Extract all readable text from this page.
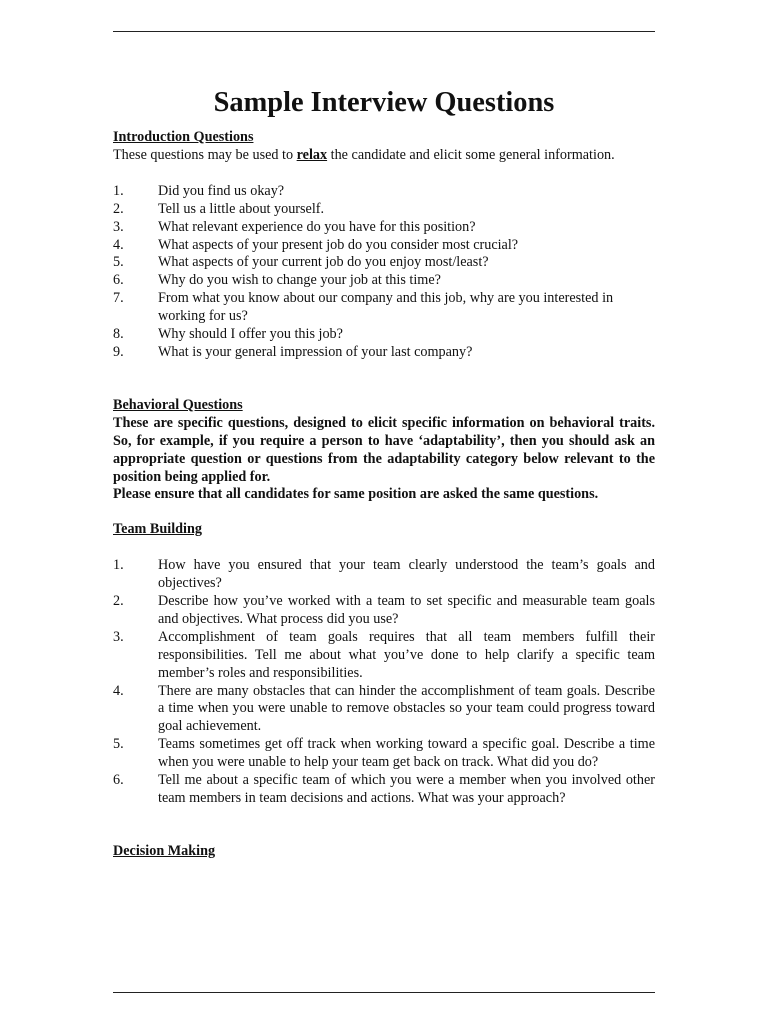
Sample Interview Questions

Introduction Questions

These questions may be used to relax the candidate and elicit some general information.

1. Did you find us okay?
2. Tell us a little about yourself.
3. What relevant experience do you have for this position?
4. What aspects of your present job do you consider most crucial?
5. What aspects of your current job do you enjoy most/least?
6. Why do you wish to change your job at this time?
7. From what you know about our company and this job, why are you interested in working for us?
8. Why should I offer you this job?
9. What is your general impression of your last company?

Behavioral Questions

These are specific questions, designed to elicit specific information on behavioral traits. So, for example, if you require a person to have ‘adaptability’, then you should ask an appropriate question or questions from the adaptability category below relevant to the position being applied for.

Please ensure that all candidates for same position are asked the same questions.

Team Building

1. How have you ensured that your team clearly understood the team’s goals and objectives?
2. Describe how you’ve worked with a team to set specific and measurable team goals and objectives. What process did you use?
3. Accomplishment of team goals requires that all team members fulfill their responsibilities. Tell me about what you’ve done to help clarify a specific team member’s roles and responsibilities.
4. There are many obstacles that can hinder the accomplishment of team goals. Describe a time when you were unable to remove obstacles so your team could progress toward goal achievement.
5. Teams sometimes get off track when working toward a specific goal. Describe a time when you were unable to help your team get back on track. What did you do?
6. Tell me about a specific team of which you were a member when you involved other team members in team decisions and actions. What was your approach?

Decision Making
